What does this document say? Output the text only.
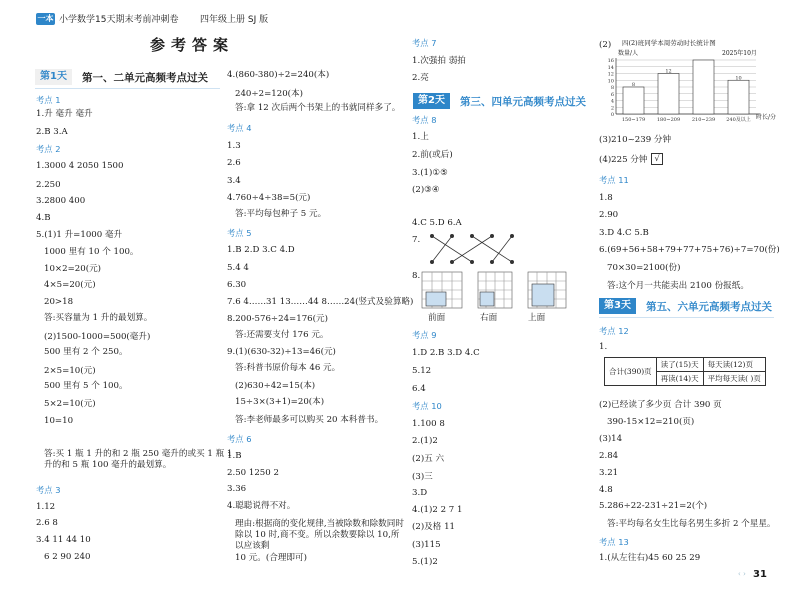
一本 小学数学15天期末考前冲刺卷 四年级上册 SJ 版
参考答案
第1天	第一、二单元高频考点过关
考点 1
1.升 毫升 毫升
2.B 3.A
考点 2
1.3000 4 2050 1500
2.250
3.2800 400
4.B
5.(1)1 升=1000 毫升
1000 里有 10 个 100。
10×2=20(元)
4×5=20(元)
20>18
答:买容量为 1 升的最划算。
(2)1500-1000=500(毫升)
500 里有 2 个 250。
2×5=10(元)
500 里有 5 个 100。
5×2=10(元)
10=10
答:买 1 瓶 1 升的和 2 瓶 250 毫升的或买 1 瓶 1 升的和 5 瓶 100 毫升的最划算。
考点 3
1.12
2.6 8
3.4 11 44 10
6 2 90 240
4.(860-380)÷2=240(本)
240÷2=120(本)
答:拿 12 次后两个书架上的书就同样多了。
考点 4
1.3
2.6
3.4
4.760÷4÷38=5(元)
答:平均每包种子 5 元。
考点 5
1.B 2.D 3.C 4.D
5.4 4
6.30
7.6 4……31 13……44 8……24(竖式及验算略)
8.200-576÷24=176(元)
答:还需要支付 176 元。
9.(1)(630-32)÷13=46(元)
答:科普书原价每本 46 元。
(2)630÷42=15(本)
15÷3×(3+1)=20(本)
答:李老师最多可以购买 20 本科普书。
考点 6
1.B
2.50 1250 2
3.36
4.聪聪说得不对。
理由:根据商的变化规律,当被除数和除数同时除以 10 时,商不变。所以余数要除以 10,所以应该剩
10 元。(合理即可)
考点 7
1.次强拍 弱拍
2.亮
第2天	第三、四单元高频考点过关
考点 8
1.上
2.前(或后)
3.(1)①⑤
(2)③④
4.C 5.D 6.A
7.
8.
考点 9
1.D 2.B 3.D 4.C
5.12
6.4
考点 10
1.100 8
2.(1)2
(2)五 六
(3)三
3.D
4.(1)2 2 7 1
(2)及格 11
(3)115
5.(1)2
前面	右面	上面
(2) 四(2)班同学本周劳动时长统计图
数量/人	2025年10月
0
2
4
6
8
10
12
14
16
8
150~179
12
180~209 210~239
10
240及以上 时长/分
(3)210~239 分钟
(4)225 分钟
考点 11
1.8
2.90
3.D 4.C 5.B
6.(69+56+58+79+77+75+76)÷7=70(份)
70×30=2100(份)
答:这个月一共能卖出 2100 份报纸。
√
第3天	第五、六单元高频考点过关
合计(390)页	读了(15)天	每天读(12)页
	再读(14)天	平均每天读( )页
考点 12
1.
(2)已经读了多少页 合计 390 页
390-15×12=210(页)
(3)14
2.84
3.21
4.8
5.286÷22-231÷21=2(个)
答:平均每名女生比每名男生多折 2 个星星。
考点 13
1.(从左往右)45 60 25 29
‹ › 31
